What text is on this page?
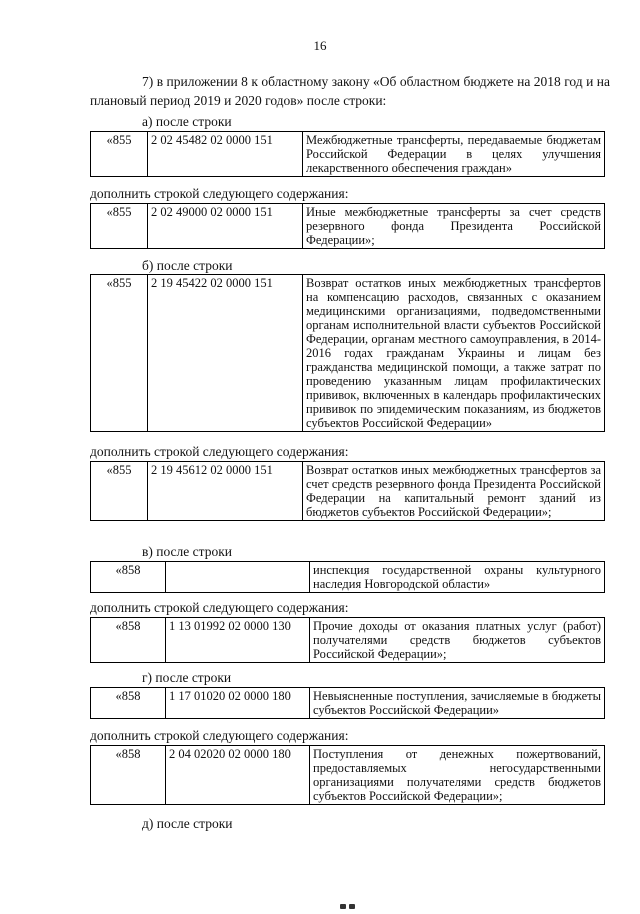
16
7) в приложении 8 к областному закону «Об областном бюджете на 2018 год и на плановый период 2019 и 2020 годов» после строки:
а) после строки
«855	2 02 45482 02 0000 151	Межбюджетные трансферты, передаваемые бюджетам Российской Федерации в целях улучшения лекарственного обеспечения граждан»
дополнить строкой следующего содержания:
«855	2 02 49000 02 0000 151	Иные межбюджетные трансферты за счет средств резервного фонда Президента Российской Федерации»;
б) после строки
«855	2 19 45422 02 0000 151	Возврат остатков иных межбюджетных трансфертов на компенсацию расходов, связанных с оказанием медицинскими организациями, подведомственными органам исполнительной власти субъектов Российской Федерации, органам местного самоуправления, в 2014-2016 годах гражданам Украины и лицам без гражданства медицинской помощи, а также затрат по проведению указанным лицам профилактических прививок, включенных в календарь профилактических прививок по эпидемическим показаниям, из бюджетов субъектов Российской Федерации»
дополнить строкой следующего содержания:
«855	2 19 45612 02 0000 151	Возврат остатков иных межбюджетных трансфертов за счет средств резервного фонда Президента Российской Федерации на капитальный ремонт зданий из бюджетов субъектов Российской Федерации»;
в) после строки
«858		инспекция государственной охраны культурного наследия Новгородской области»
дополнить строкой следующего содержания:
«858	1 13 01992 02 0000 130	Прочие доходы от оказания платных услуг (работ) получателями средств бюджетов субъектов Российской Федерации»;
г) после строки
«858	1 17 01020 02 0000 180	Невыясненные поступления, зачисляемые в бюджеты субъектов Российской Федерации»
дополнить строкой следующего содержания:
«858	2 04 02020 02 0000 180	Поступления от денежных пожертвований, предоставляемых негосударственными организациями получателями средств бюджетов субъектов Российской Федерации»;
д) после строки
